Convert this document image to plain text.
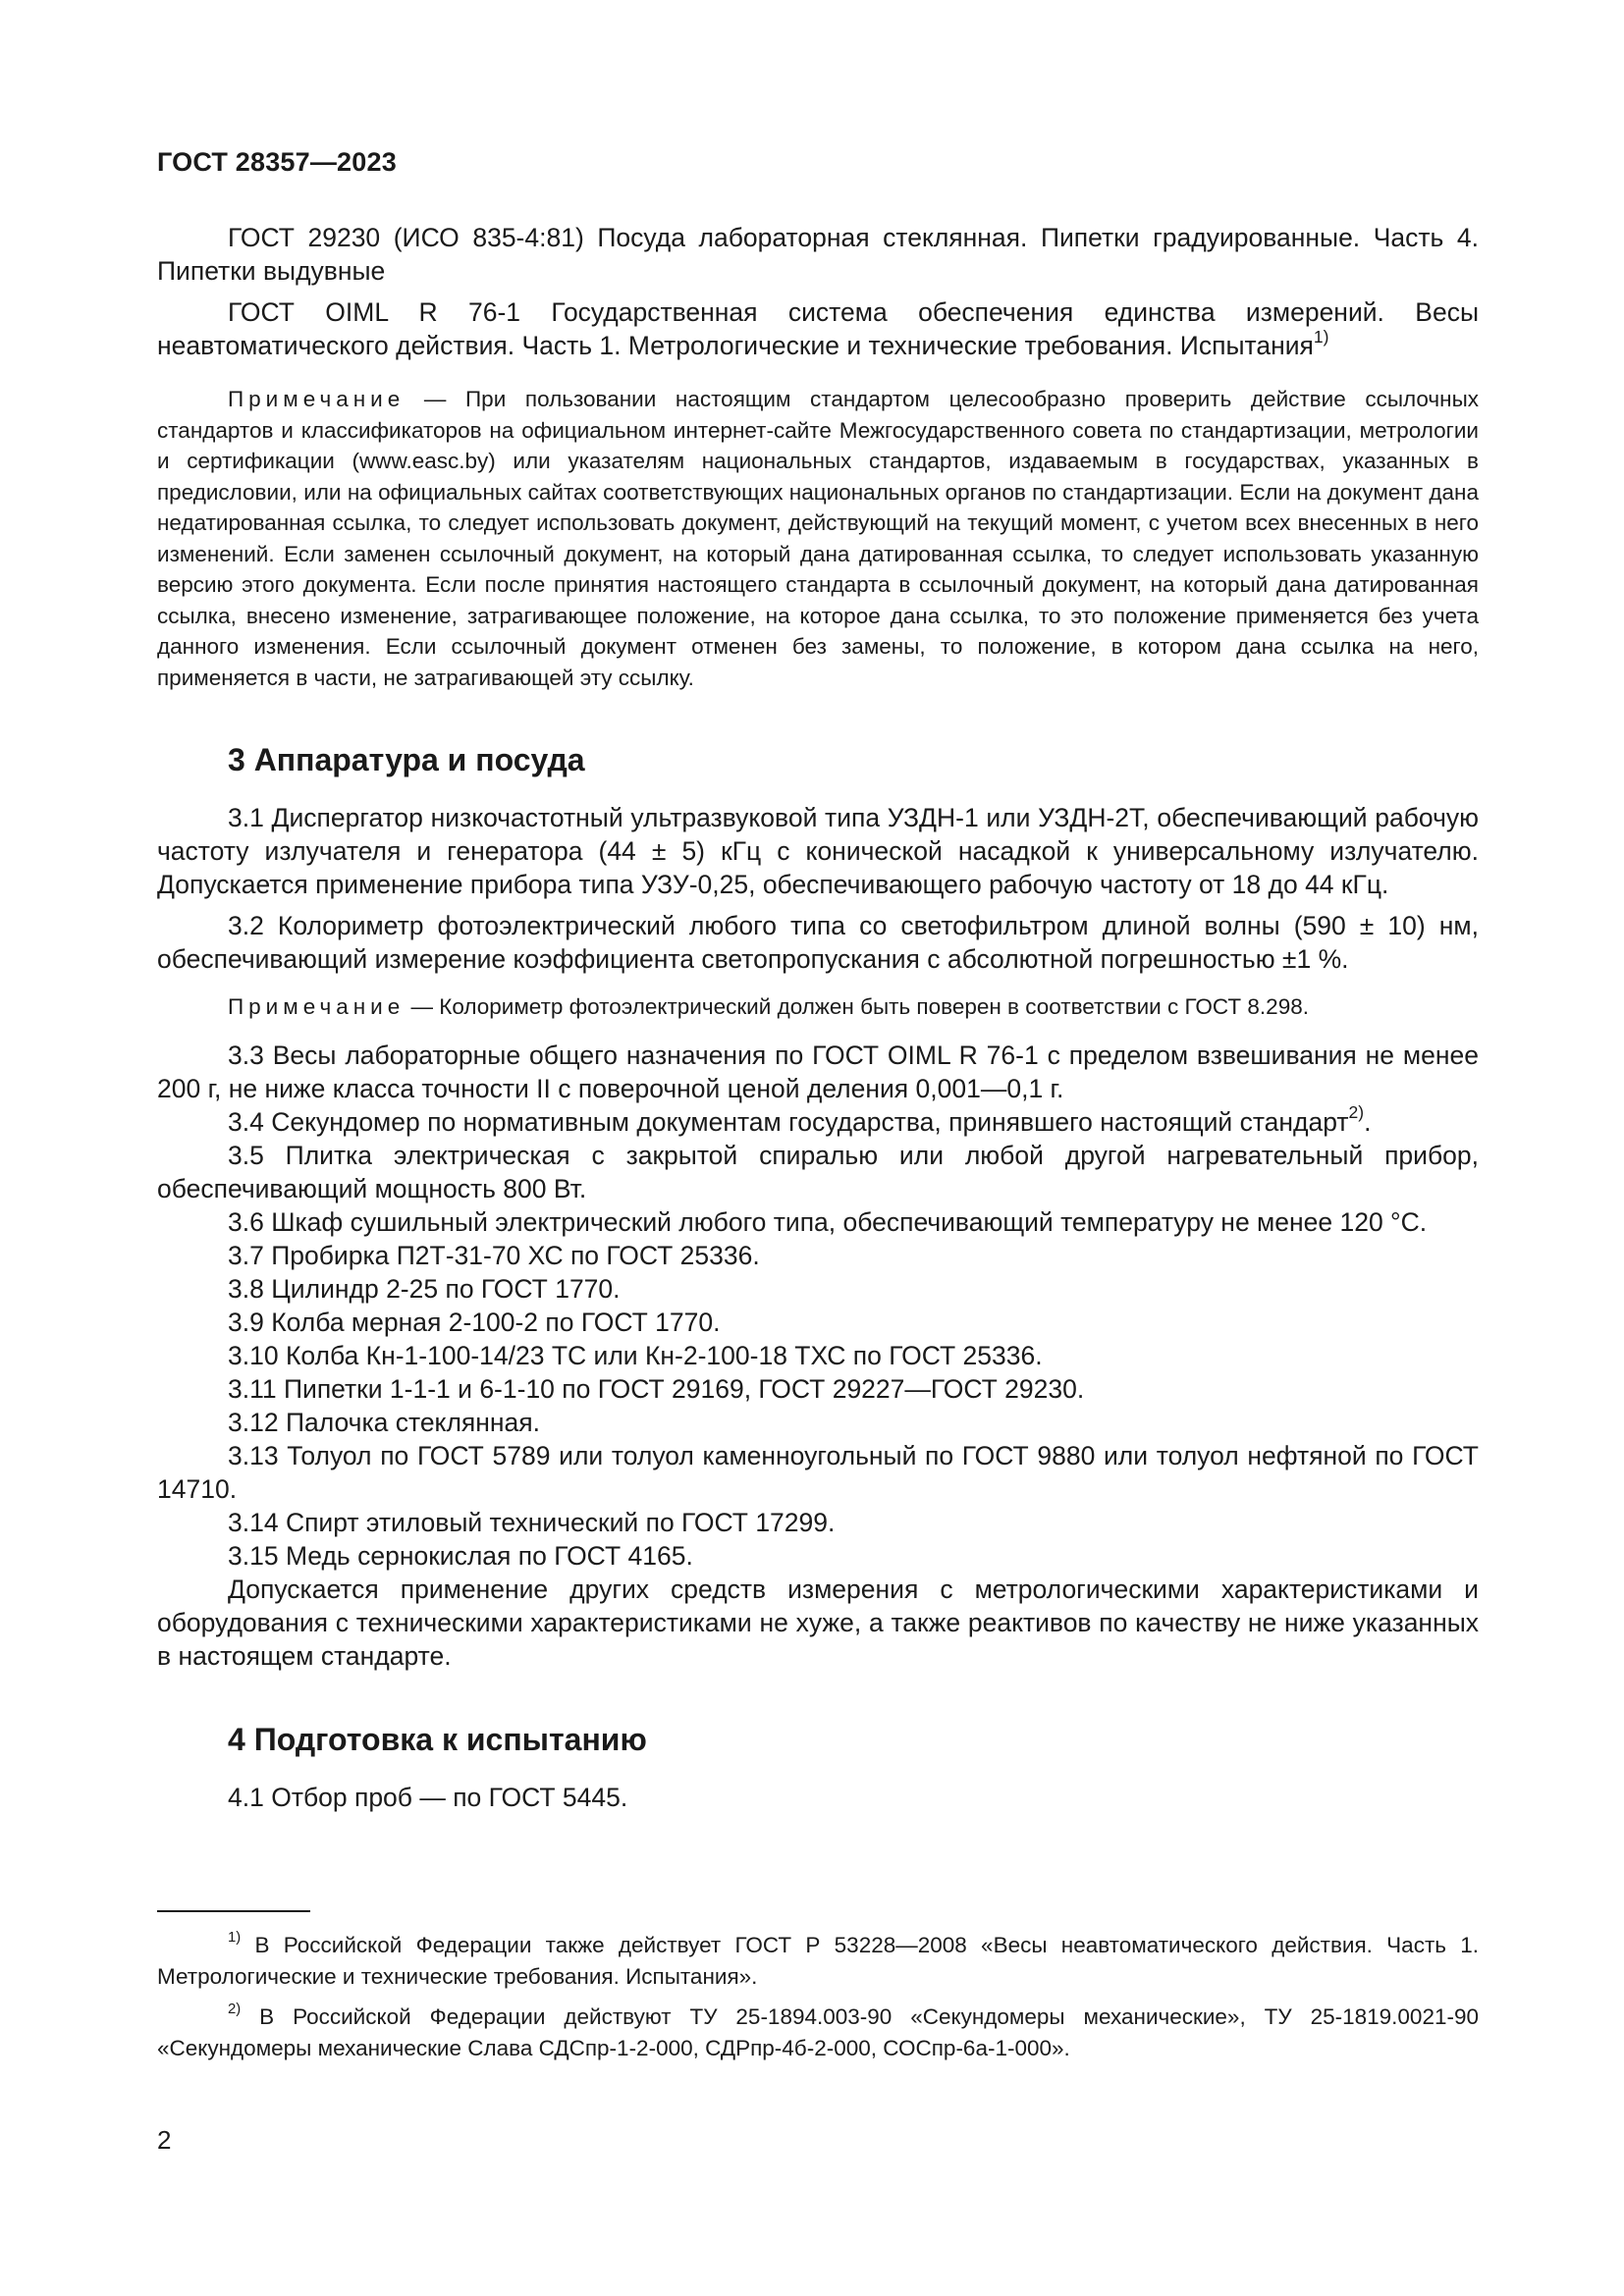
ГОСТ 28357—2023

ГОСТ 29230 (ИСО 835-4:81) Посуда лабораторная стеклянная. Пипетки градуированные. Часть 4. Пипетки выдувные

ГОСТ OIML R 76-1 Государственная система обеспечения единства измерений. Весы неавтоматического действия. Часть 1. Метрологические и технические требования. Испытания$^{1)}$

Примечание — При пользовании настоящим стандартом целесообразно проверить действие ссылочных стандартов и классификаторов на официальном интернет-сайте Межгосударственного совета по стандартизации, метрологии и сертификации (www.easc.by) или указателям национальных стандартов, издаваемым в государствах, указанных в предисловии, или на официальных сайтах соответствующих национальных органов по стандартизации. Если на документ дана недатированная ссылка, то следует использовать документ, действующий на текущий момент, с учетом всех внесенных в него изменений. Если заменен ссылочный документ, на который дана датированная ссылка, то следует использовать указанную версию этого документа. Если после принятия настоящего стандарта в ссылочный документ, на который дана датированная ссылка, внесено изменение, затрагивающее положение, на которое дана ссылка, то это положение применяется без учета данного изменения. Если ссылочный документ отменен без замены, то положение, в котором дана ссылка на него, применяется в части, не затрагивающей эту ссылку.

3 Аппаратура и посуда

3.1 Диспергатор низкочастотный ультразвуковой типа УЗДН-1 или УЗДН-2Т, обеспечивающий рабочую частоту излучателя и генератора (44 ± 5) кГц с конической насадкой к универсальному излучателю. Допускается применение прибора типа УЗУ-0,25, обеспечивающего рабочую частоту от 18 до 44 кГц.

3.2 Колориметр фотоэлектрический любого типа со светофильтром длиной волны (590 ± 10) нм, обеспечивающий измерение коэффициента светопропускания с абсолютной погрешностью ±1 %.

Примечание — Колориметр фотоэлектрический должен быть поверен в соответствии с ГОСТ 8.298.

3.3 Весы лабораторные общего назначения по ГОСТ OIML R 76-1 с пределом взвешивания не менее 200 г, не ниже класса точности II с поверочной ценой деления 0,001—0,1 г.

3.4 Секундомер по нормативным документам государства, принявшего настоящий стандарт$^{2)}$.

3.5 Плитка электрическая с закрытой спиралью или любой другой нагревательный прибор, обеспечивающий мощность 800 Вт.

3.6 Шкаф сушильный электрический любого типа, обеспечивающий температуру не менее 120 °С.

3.7 Пробирка П2Т-31-70 ХС по ГОСТ 25336.

3.8 Цилиндр 2-25 по ГОСТ 1770.

3.9 Колба мерная 2-100-2 по ГОСТ 1770.

3.10 Колба Кн-1-100-14/23 ТС или Кн-2-100-18 ТХС по ГОСТ 25336.

3.11 Пипетки 1-1-1 и 6-1-10 по ГОСТ 29169, ГОСТ 29227—ГОСТ 29230.

3.12 Палочка стеклянная.

3.13 Толуол по ГОСТ 5789 или толуол каменноугольный по ГОСТ 9880 или толуол нефтяной по ГОСТ 14710.

3.14 Спирт этиловый технический по ГОСТ 17299.

3.15 Медь сернокислая по ГОСТ 4165.

Допускается применение других средств измерения с метрологическими характеристиками и оборудования с техническими характеристиками не хуже, а также реактивов по качеству не ниже указанных в настоящем стандарте.

4 Подготовка к испытанию

4.1 Отбор проб — по ГОСТ 5445.

$^{1)}$ В Российской Федерации также действует ГОСТ Р 53228—2008 «Весы неавтоматического действия. Часть 1. Метрологические и технические требования. Испытания».

$^{2)}$ В Российской Федерации действуют ТУ 25-1894.003-90 «Секундомеры механические», ТУ 25-1819.0021-90 «Секундомеры механические Слава СДСпр-1-2-000, СДРпр-4б-2-000, СОСпр-6а-1-000».

2
